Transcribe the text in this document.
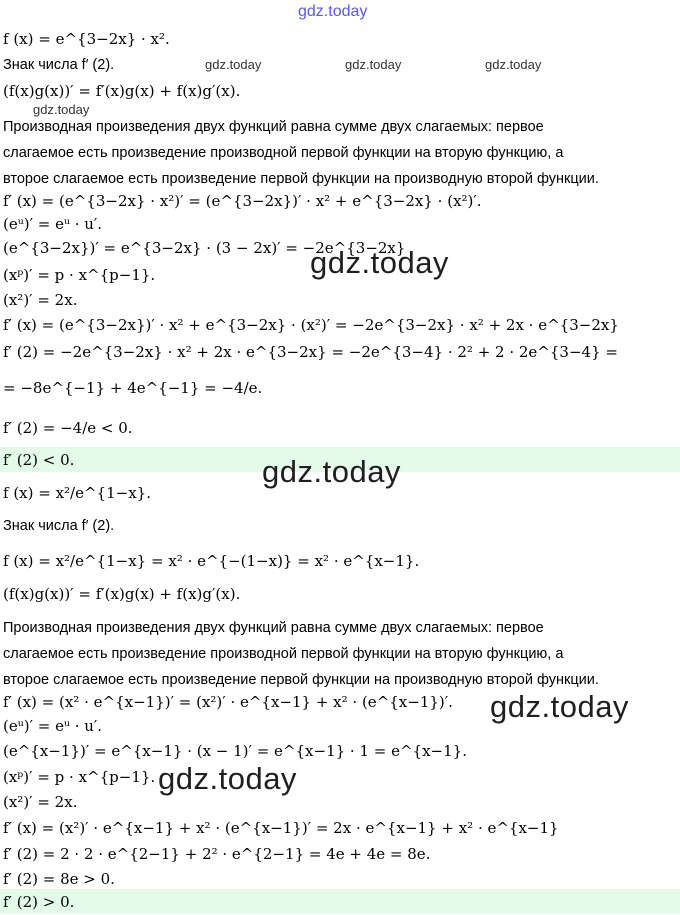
f (x) = e^{3−2x} · x².
Знак числа f′ (2).
(f(x)g(x))′ = f′(x)g(x) + f(x)g′(x).
Производная произведения двух функций равна сумме двух слагаемых: первое
слагаемое есть произведение производной первой функции на вторую функцию, а
второе слагаемое есть произведение первой функции на производную второй функции.
f′ (x) = (e^{3−2x} · x²)′ = (e^{3−2x})′ · x² + e^{3−2x} · (x²)′.
(eᵘ)′ = eᵘ · u′.
(e^{3−2x})′ = e^{3−2x} · (3 − 2x)′ = −2e^{3−2x}
(xᵖ)′ = p · x^{p−1}.
(x²)′ = 2x.
f′ (x) = (e^{3−2x})′ · x² + e^{3−2x} · (x²)′ = −2e^{3−2x} · x² + 2x · e^{3−2x}
f′ (2) = −2e^{3−2x} · x² + 2x · e^{3−2x} = −2e^{3−4} · 2² + 2 · 2e^{3−4} =
= −8e^{−1} + 4e^{−1} = −4/e.
f′ (2) = −4/e < 0.
f′ (2) < 0.
f (x) = x²/e^{1−x}.
Знак числа f′ (2).
f (x) = x²/e^{1−x} = x² · e^{−(1−x)} = x² · e^{x−1}.
(f(x)g(x))′ = f′(x)g(x) + f(x)g′(x).
Производная произведения двух функций равна сумме двух слагаемых: первое
слагаемое есть произведение производной первой функции на вторую функцию, а
второе слагаемое есть произведение первой функции на производную второй функции.
f′ (x) = (x² · e^{x−1})′ = (x²)′ · e^{x−1} + x² · (e^{x−1})′.
(eᵘ)′ = eᵘ · u′.
(e^{x−1})′ = e^{x−1} · (x − 1)′ = e^{x−1} · 1 = e^{x−1}.
(xᵖ)′ = p · x^{p−1}.
(x²)′ = 2x.
f′ (x) = (x²)′ · e^{x−1} + x² · (e^{x−1})′ = 2x · e^{x−1} + x² · e^{x−1}
f′ (2) = 2 · 2 · e^{2−1} + 2² · e^{2−1} = 4e + 4e = 8e.
f′ (2) = 8e > 0.
f′ (2) > 0.
gdz.today
gdz.today	gdz.today	gdz.today
gdz.today
gdz.today
gdz.today
gdz.today
gdz.today
